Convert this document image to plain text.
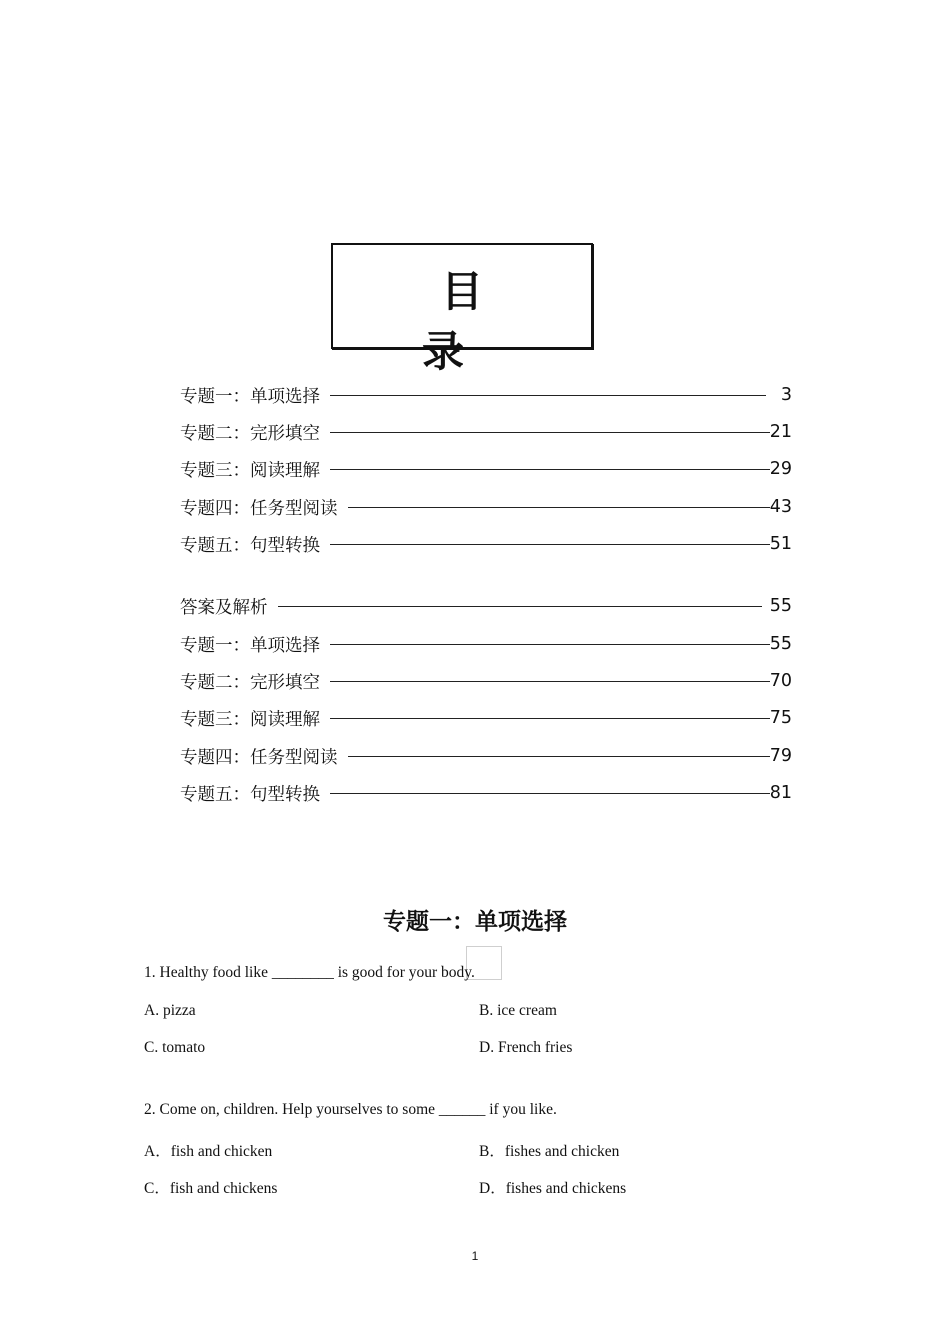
目　录
专题一：单项选择	3
专题二：完形填空	21
专题三：阅读理解	29
专题四：任务型阅读	43
专题五：句型转换	51
答案及解析	55
专题一：单项选择	55
专题二：完形填空	70
专题三：阅读理解	75
专题四：任务型阅读	79
专题五：句型转换	81
专题一：单项选择
1. Healthy food like ________ is good for your body.
A. pizza	B. ice cream
C. tomato	D. French fries
2. Come on, children. Help yourselves to some ______ if you like.
A．fish and chicken	B．fishes and chicken
C．fish and chickens	D．fishes and chickens
1
